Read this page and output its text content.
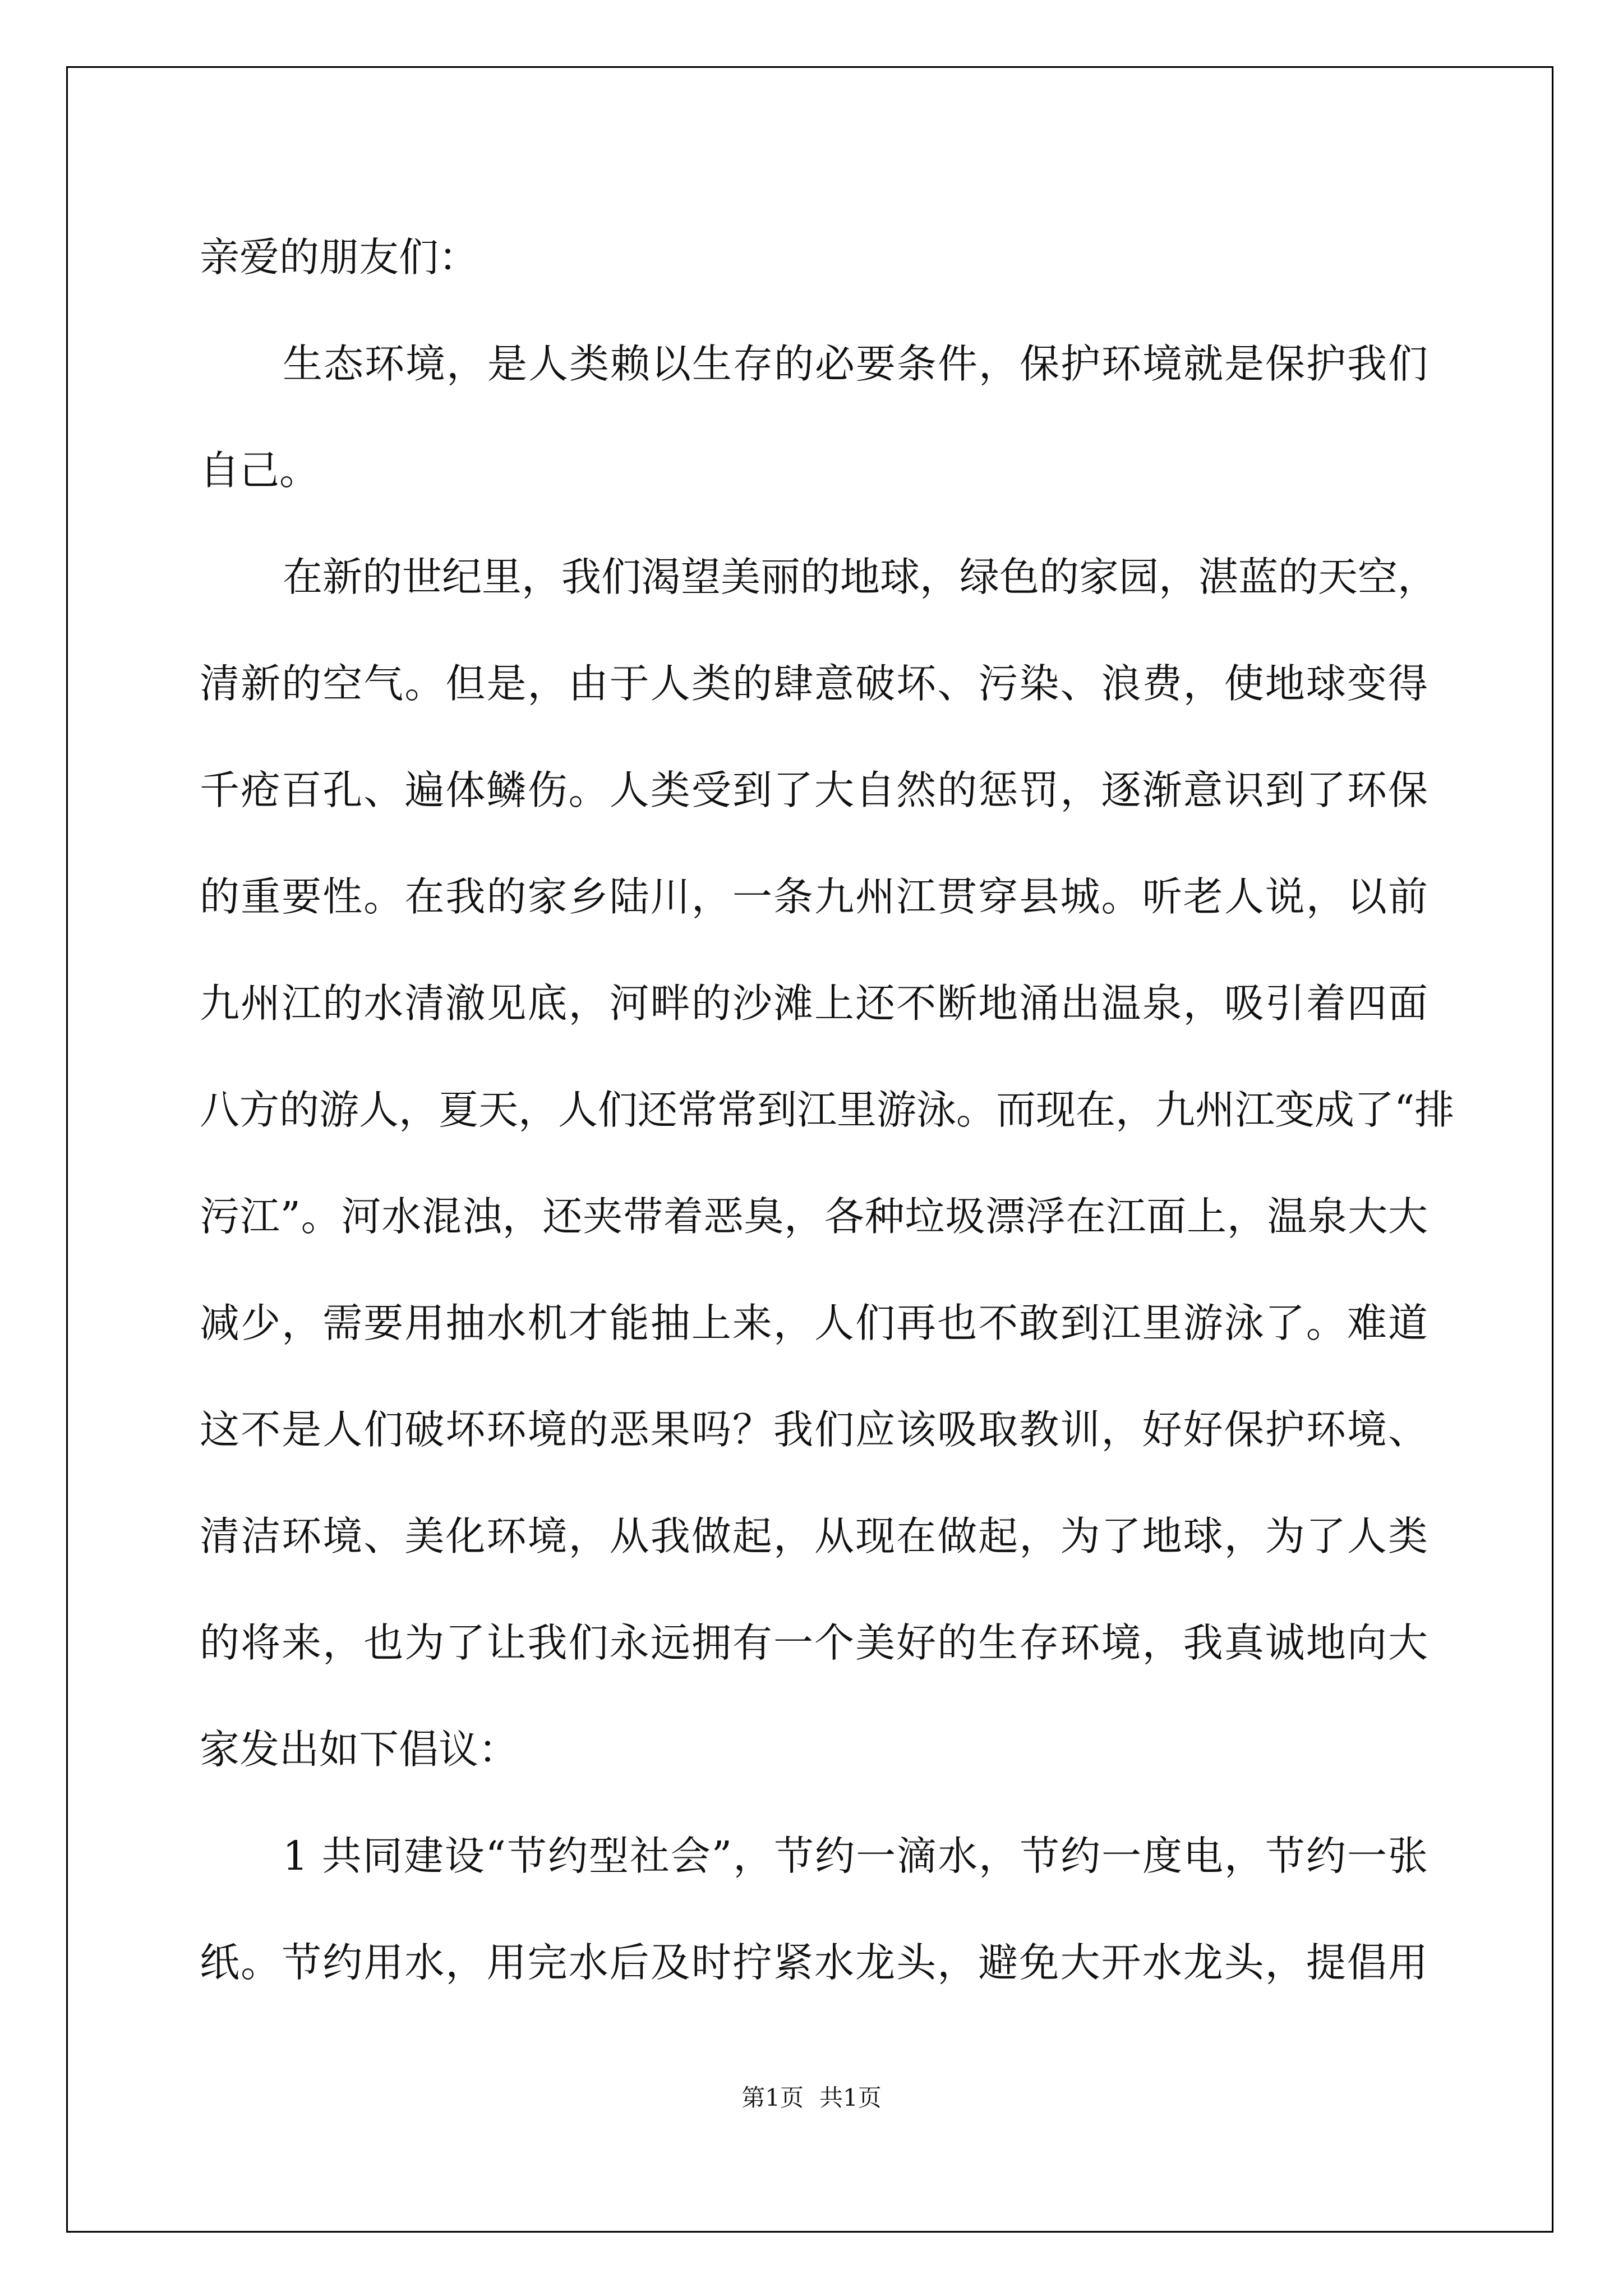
亲爱的朋友们：

生态环境，是人类赖以生存的必要条件，保护环境就是保护我们

自己。

在新的世纪里，我们渴望美丽的地球，绿色的家园，湛蓝的天空，

清新的空气。但是，由于人类的肆意破坏、污染、浪费，使地球变得

千疮百孔、遍体鳞伤。人类受到了大自然的惩罚，逐渐意识到了环保

的重要性。在我的家乡陆川，一条九州江贯穿县城。听老人说，以前

九州江的水清澈见底，河畔的沙滩上还不断地涌出温泉，吸引着四面

八方的游人，夏天，人们还常常到江里游泳。而现在，九州江变成了“排

污江”。河水混浊，还夹带着恶臭，各种垃圾漂浮在江面上，温泉大大

减少，需要用抽水机才能抽上来，人们再也不敢到江里游泳了。难道

这不是人们破坏环境的恶果吗？我们应该吸取教训，好好保护环境、

清洁环境、美化环境，从我做起，从现在做起，为了地球，为了人类

的将来，也为了让我们永远拥有一个美好的生存环境，我真诚地向大

家发出如下倡议：

1 共同建设“节约型社会”，节约一滴水，节约一度电，节约一张

纸。节约用水，用完水后及时拧紧水龙头，避免大开水龙头，提倡用

第1页 共1页
